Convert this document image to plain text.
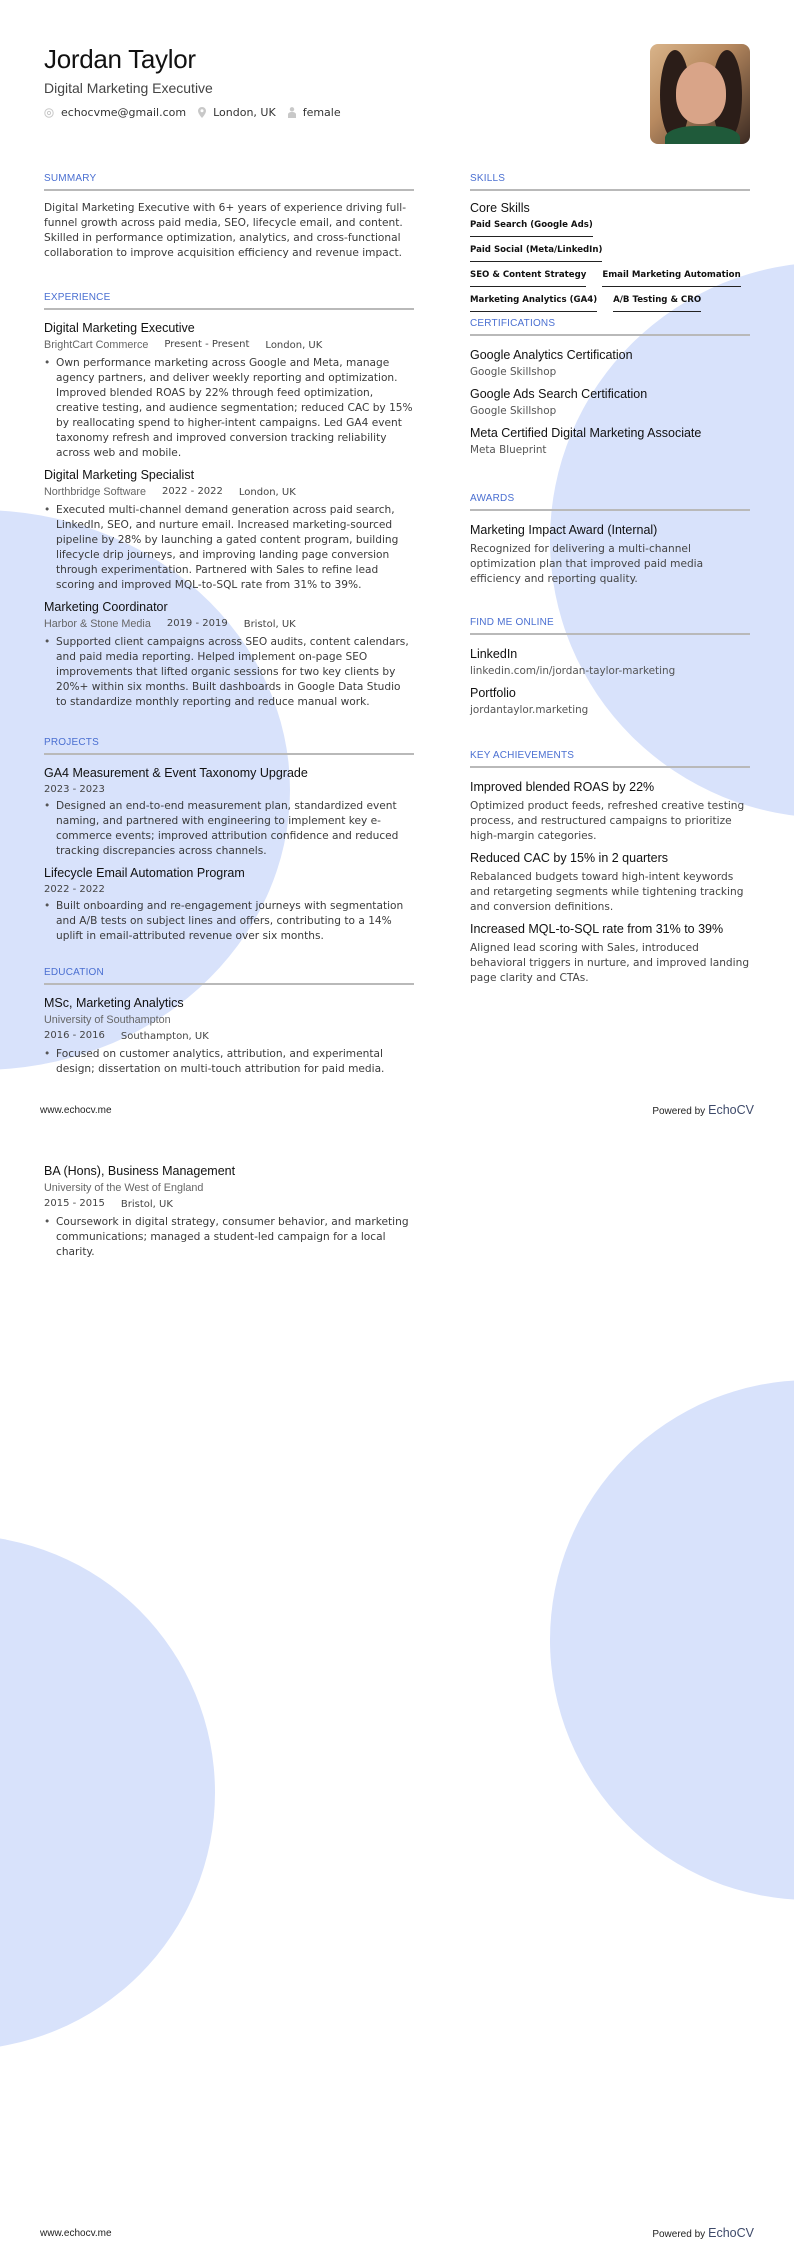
Jordan Taylor
Digital Marketing Executive
echocvme@gmail.com London, UK female
SUMMARY
Digital Marketing Executive with 6+ years of experience driving full-funnel growth across paid media, SEO, lifecycle email, and content. Skilled in performance optimization, analytics, and cross-functional collaboration to improve acquisition efficiency and revenue impact.
EXPERIENCE
Digital Marketing Executive
BrightCart Commerce Present - Present London, UK
• Own performance marketing across Google and Meta, manage agency partners, and deliver weekly reporting and optimization. Improved blended ROAS by 22% through feed optimization, creative testing, and audience segmentation; reduced CAC by 15% by reallocating spend to higher-intent campaigns. Led GA4 event taxonomy refresh and improved conversion tracking reliability across web and mobile.
Digital Marketing Specialist
Northbridge Software 2022 - 2022 London, UK
• Executed multi-channel demand generation across paid search, LinkedIn, SEO, and nurture email. Increased marketing-sourced pipeline by 28% by launching a gated content program, building lifecycle drip journeys, and improving landing page conversion through experimentation. Partnered with Sales to refine lead scoring and improved MQL-to-SQL rate from 31% to 39%.
Marketing Coordinator
Harbor & Stone Media 2019 - 2019 Bristol, UK
• Supported client campaigns across SEO audits, content calendars, and paid media reporting. Helped implement on-page SEO improvements that lifted organic sessions for two key clients by 20%+ within six months. Built dashboards in Google Data Studio to standardize monthly reporting and reduce manual work.
PROJECTS
GA4 Measurement & Event Taxonomy Upgrade
2023 - 2023
• Designed an end-to-end measurement plan, standardized event naming, and partnered with engineering to implement key e-commerce events; improved attribution confidence and reduced tracking discrepancies across channels.
Lifecycle Email Automation Program
2022 - 2022
• Built onboarding and re-engagement journeys with segmentation and A/B tests on subject lines and offers, contributing to a 14% uplift in email-attributed revenue over six months.
EDUCATION
MSc, Marketing Analytics
University of Southampton
2016 - 2016 Southampton, UK
• Focused on customer analytics, attribution, and experimental design; dissertation on multi-touch attribution for paid media.
SKILLS
Core Skills
Paid Search (Google Ads)
Paid Social (Meta/LinkedIn)
SEO & Content Strategy Email Marketing Automation
Marketing Analytics (GA4) A/B Testing & CRO
CERTIFICATIONS
Google Analytics Certification
Google Skillshop
Google Ads Search Certification
Google Skillshop
Meta Certified Digital Marketing Associate
Meta Blueprint
AWARDS
Marketing Impact Award (Internal)
Recognized for delivering a multi-channel optimization plan that improved paid media efficiency and reporting quality.
FIND ME ONLINE
LinkedIn
linkedin.com/in/jordan-taylor-marketing
Portfolio
jordantaylor.marketing
KEY ACHIEVEMENTS
Improved blended ROAS by 22%
Optimized product feeds, refreshed creative testing process, and restructured campaigns to prioritize high-margin categories.
Reduced CAC by 15% in 2 quarters
Rebalanced budgets toward high-intent keywords and retargeting segments while tightening tracking and conversion definitions.
Increased MQL-to-SQL rate from 31% to 39%
Aligned lead scoring with Sales, introduced behavioral triggers in nurture, and improved landing page clarity and CTAs.
www.echocv.me	Powered by EchoCV
BA (Hons), Business Management
University of the West of England
2015 - 2015 Bristol, UK
• Coursework in digital strategy, consumer behavior, and marketing communications; managed a student-led campaign for a local charity.
www.echocv.me	Powered by EchoCV
